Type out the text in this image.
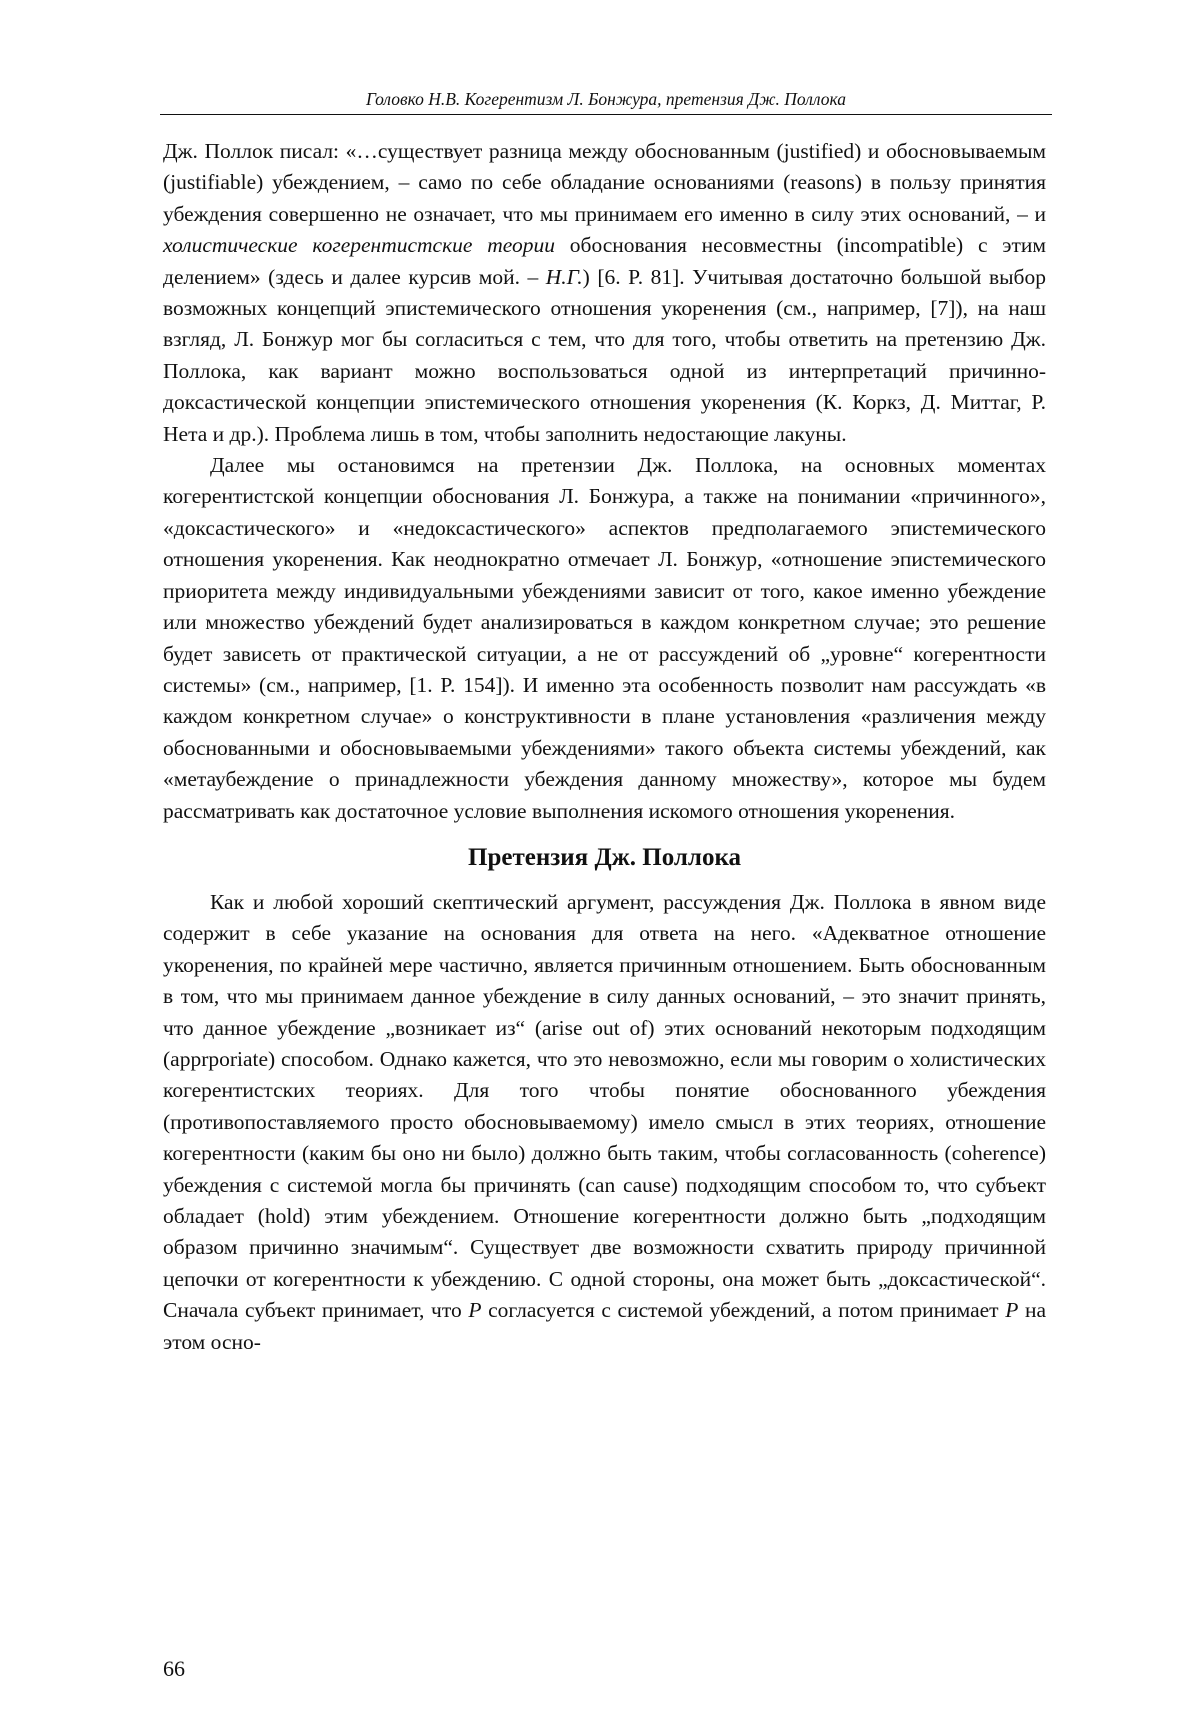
Головко Н.В. Когерентизм Л. Бонжура, претензия Дж. Поллока

Дж. Поллок писал: «…существует разница между обоснованным (justified) и обосновываемым (justifiable) убеждением, – само по себе обладание основаниями (reasons) в пользу принятия убеждения совершенно не означает, что мы принимаем его именно в силу этих оснований, – и холистические когерентистские теории обоснования несовместны (incompatible) с этим делением» (здесь и далее курсив мой. – Н.Г.) [6. P. 81]. Учитывая достаточно большой выбор возможных концепций эпистемического отношения укоренения (см., например, [7]), на наш взгляд, Л. Бонжур мог бы согласиться с тем, что для того, чтобы ответить на претензию Дж. Поллока, как вариант можно воспользоваться одной из интерпретаций причинно-доксастической концепции эпистемического отношения укоренения (К. Коркз, Д. Миттаг, Р. Нета и др.). Проблема лишь в том, чтобы заполнить недостающие лакуны.

Далее мы остановимся на претензии Дж. Поллока, на основных моментах когерентистской концепции обоснования Л. Бонжура, а также на понимании «причинного», «доксастического» и «недоксастического» аспектов предполагаемого эпистемического отношения укоренения. Как неоднократно отмечает Л. Бонжур, «отношение эпистемического приоритета между индивидуальными убеждениями зависит от того, какое именно убеждение или множество убеждений будет анализироваться в каждом конкретном случае; это решение будет зависеть от практической ситуации, а не от рассуждений об „уровне“ когерентности системы» (см., например, [1. P. 154]). И именно эта особенность позволит нам рассуждать «в каждом конкретном случае» о конструктивности в плане установления «различения между обоснованными и обосновываемыми убеждениями» такого объекта системы убеждений, как «метаубеждение о принадлежности убеждения данному множеству», которое мы будем рассматривать как достаточное условие выполнения искомого отношения укоренения.

Претензия Дж. Поллока

Как и любой хороший скептический аргумент, рассуждения Дж. Поллока в явном виде содержит в себе указание на основания для ответа на него. «Адекватное отношение укоренения, по крайней мере частично, является причинным отношением. Быть обоснованным в том, что мы принимаем данное убеждение в силу данных оснований, – это значит принять, что данное убеждение „возникает из“ (arise out of) этих оснований некоторым подходящим (apprроriate) способом. Однако кажется, что это невозможно, если мы говорим о холистических когерентистских теориях. Для того чтобы понятие обоснованного убеждения (противопоставляемого просто обосновываемому) имело смысл в этих теориях, отношение когерентности (каким бы оно ни было) должно быть таким, чтобы согласованность (coherence) убеждения с системой могла бы причинять (can cause) подходящим способом то, что субъект обладает (hold) этим убеждением. Отношение когерентности должно быть „подходящим образом причинно значимым“. Существует две возможности схватить природу причинной цепочки от когерентности к убеждению. С одной стороны, она может быть „доксастической“. Сначала субъект принимает, что P согласуется с системой убеждений, а потом принимает P на этом осно-

66
